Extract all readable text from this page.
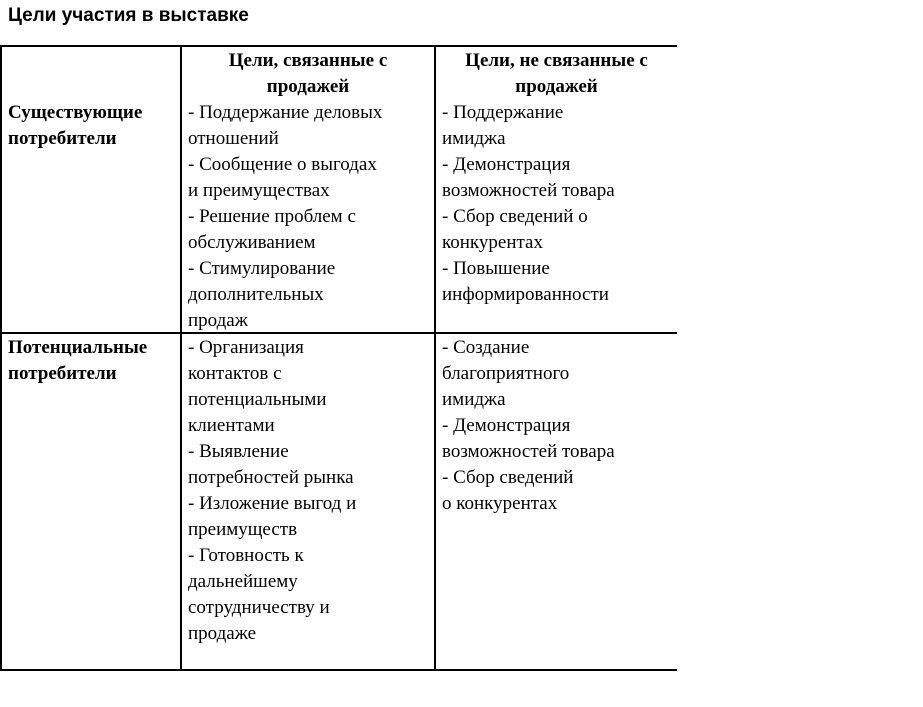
Цели участия в выставке
Цели, связанные с
продажей
Цели, не связанные с
продажей
Существующие
потребители
- Поддержание деловых
отношений
- Сообщение о выгодах
и преимуществах
- Решение проблем с
обслуживанием
- Стимулирование
дополнительных
продаж
- Поддержание
имиджа
- Демонстрация
возможностей товара
- Сбор сведений о
конкурентах
- Повышение
информированности
Потенциальные
потребители
- Организация
контактов с
потенциальными
клиентами
- Выявление
потребностей рынка
- Изложение выгод и
преимуществ
- Готовность к
дальнейшему
сотрудничеству и
продаже
- Создание
благоприятного
имиджа
- Демонстрация
возможностей товара
- Сбор сведений
о конкурентах
